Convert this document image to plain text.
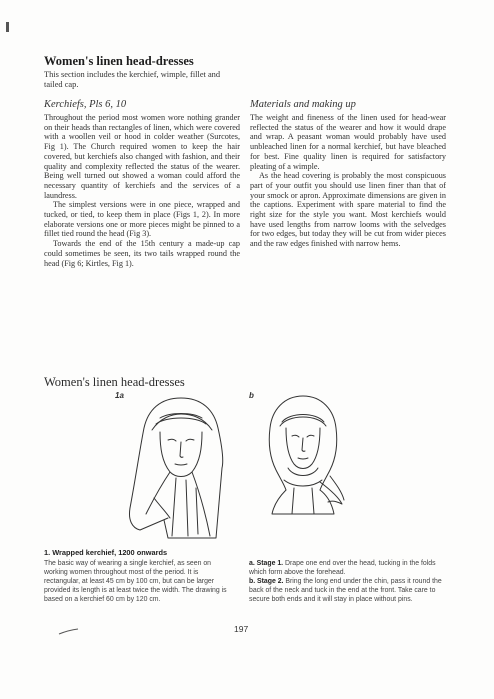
Women's linen head-dresses
This section includes the kerchief, wimple, fillet and tailed cap.
Kerchiefs, Pls 6, 10

Throughout the period most women wore nothing grander on their heads than rectangles of linen, which were covered with a woollen veil or hood in colder weather (Surcotes, Fig 1). The Church required women to keep the hair covered, but kerchiefs also changed with fashion, and their quality and complexity reflected the status of the wearer. Being well turned out showed a woman could afford the necessary quantity of kerchiefs and the services of a laundress.

The simplest versions were in one piece, wrapped and tucked, or tied, to keep them in place (Figs 1, 2). In more elaborate versions one or more pieces might be pinned to a fillet tied round the head (Fig 3).

Towards the end of the 15th century a made-up cap could sometimes be seen, its two tails wrapped round the head (Fig 6; Kirtles, Fig 1).

Materials and making up

The weight and fineness of the linen used for head-wear reflected the status of the wearer and how it would drape and wrap. A peasant woman would probably have used unbleached linen for a normal kerchief, but have bleached for best. Fine quality linen is required for satisfactory pleating of a wimple.

As the head covering is probably the most conspicuous part of your outfit you should use linen finer than that of your smock or apron. Approximate dimensions are given in the captions. Experiment with spare material to find the right size for the style you want. Most kerchiefs would have used lengths from narrow looms with the selvedges for two edges, but today they will be cut from wider pieces and the raw edges finished with narrow hems.

Women's linen head-dresses
1a	b
1. Wrapped kerchief, 1200 onwards
The basic way of wearing a single kerchief, as seen on working women throughout most of the period. It is rectangular, at least 45 cm by 100 cm, but can be larger provided its length is at least twice the width. The drawing is based on a kerchief 60 cm by 120 cm.

a. Stage 1. Drape one end over the head, tucking in the folds which form above the forehead.

b. Stage 2. Bring the long end under the chin, pass it round the back of the neck and tuck in the end at the front. Take care to secure both ends and it will stay in place without pins.

197
